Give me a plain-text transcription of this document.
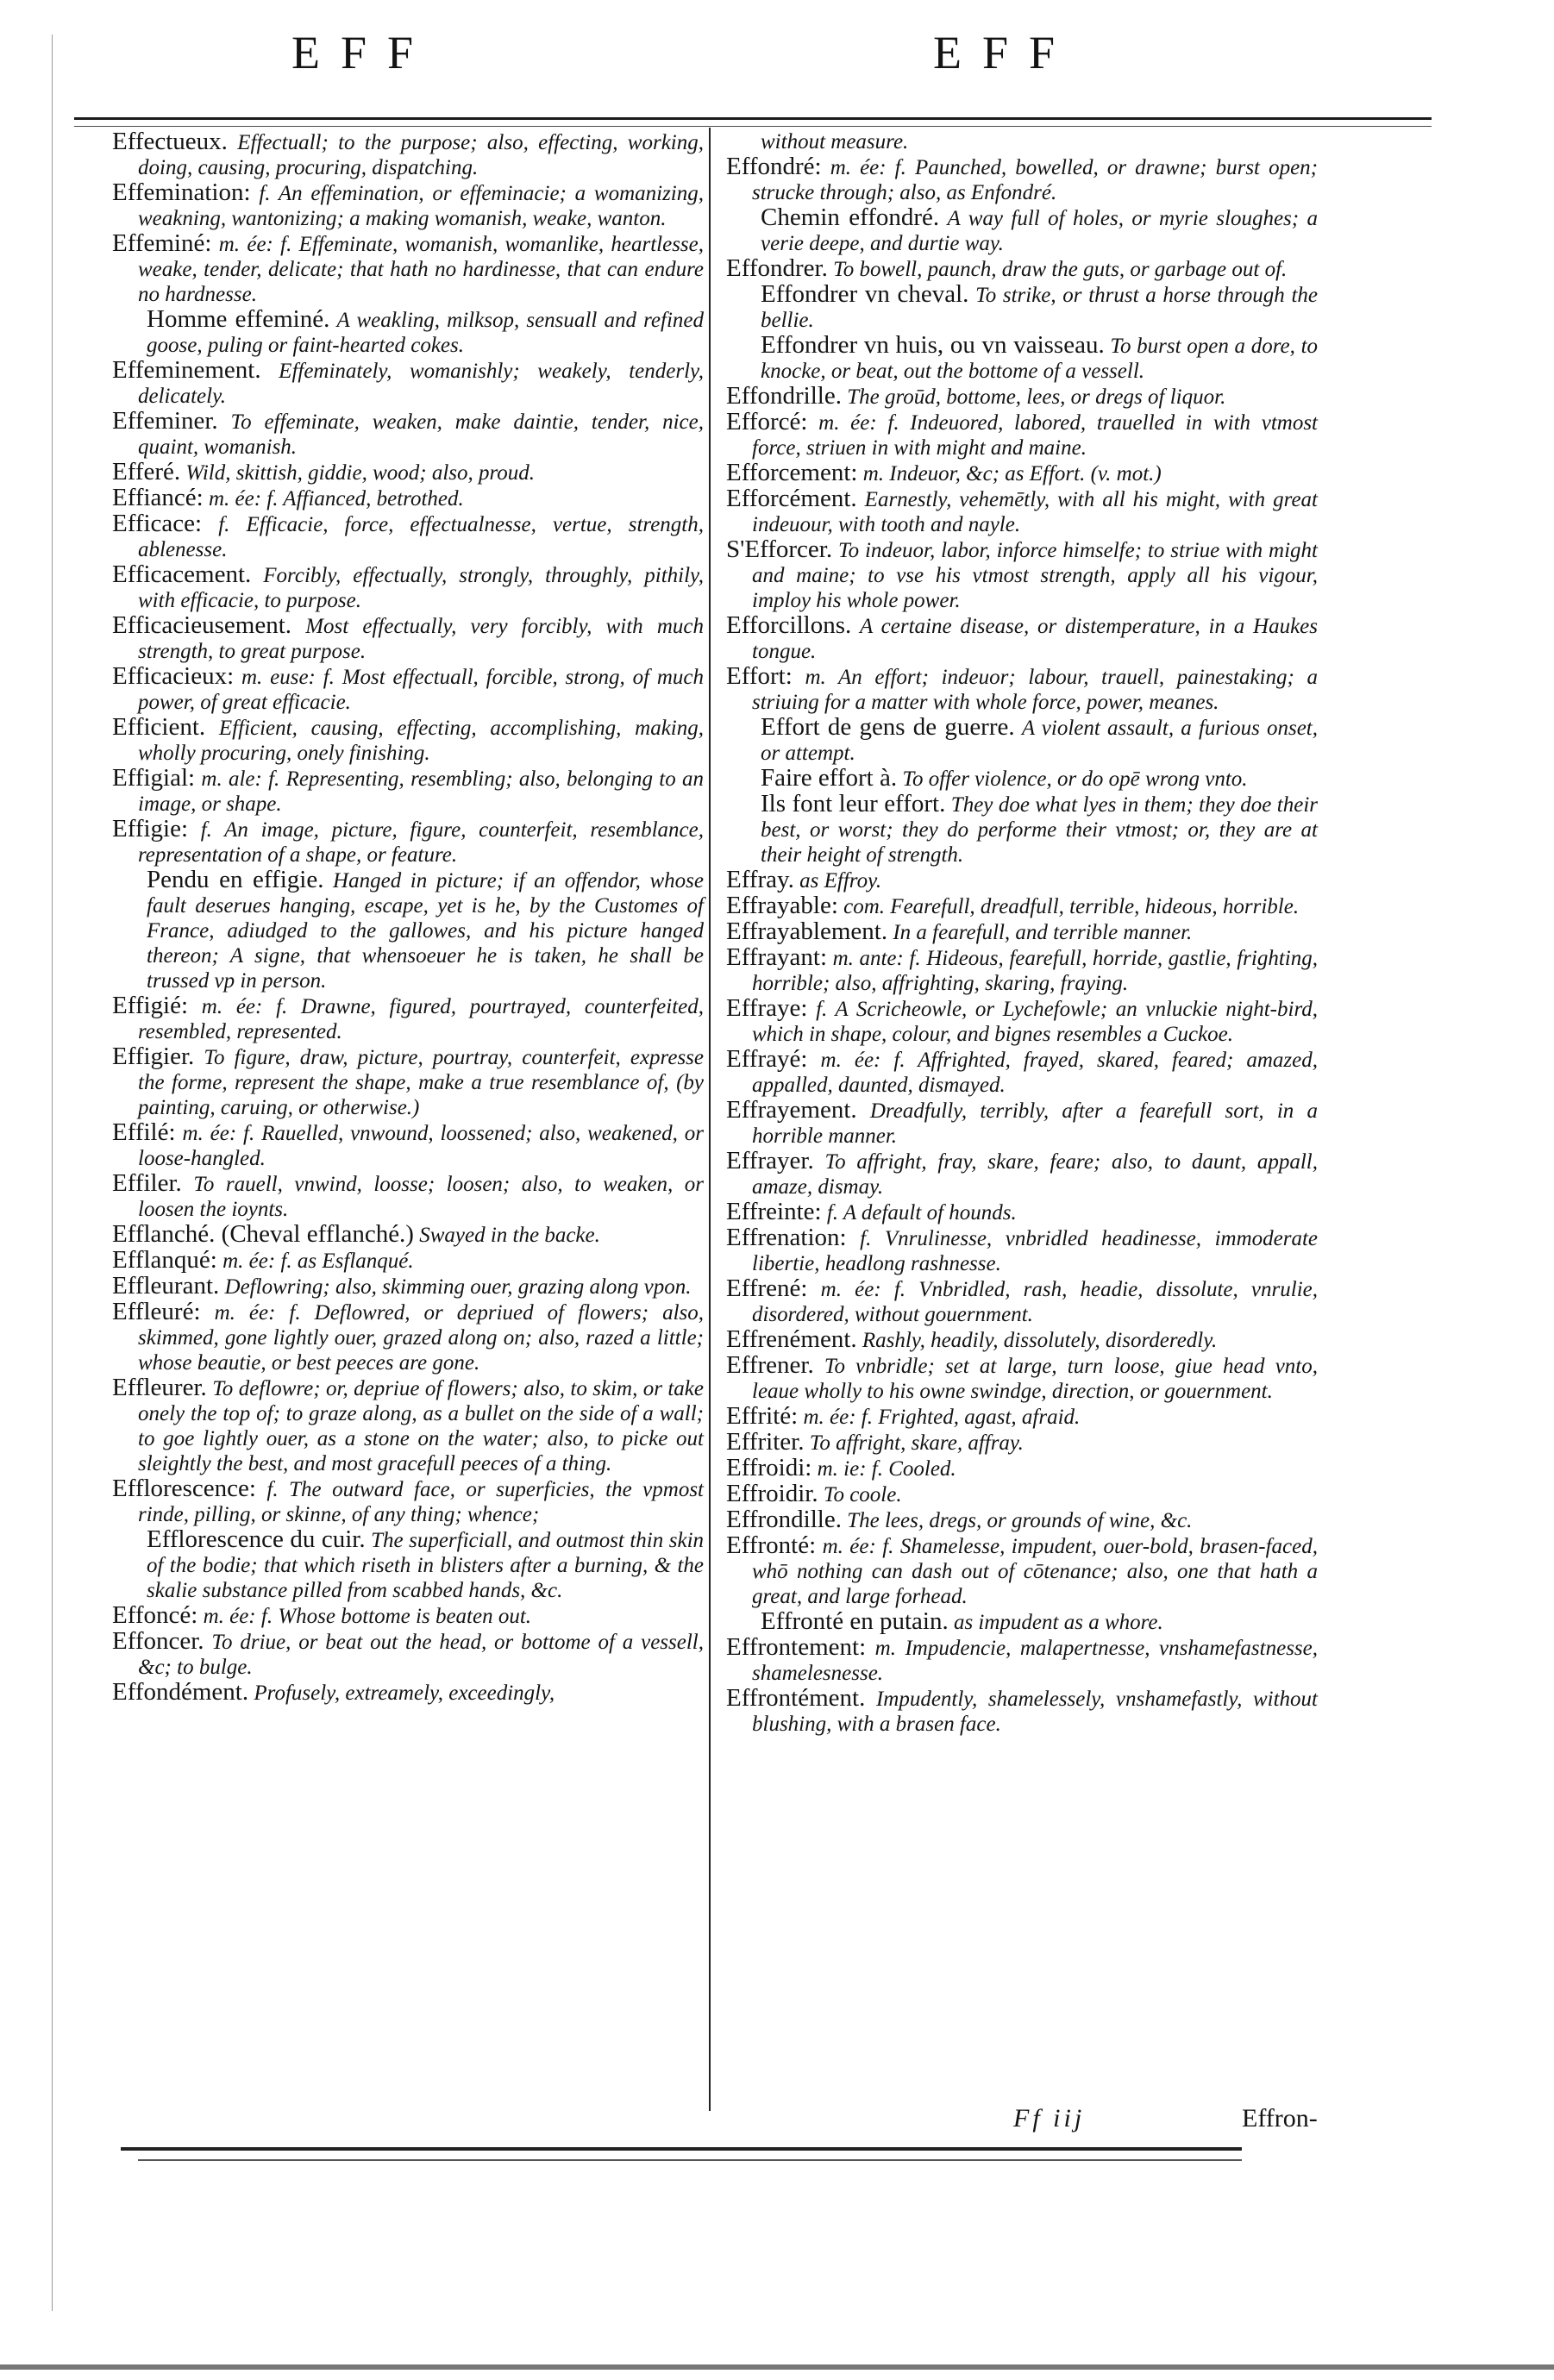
EFF	EFF

Effectueux. Effectuall; to the purpose; also, effecting, working, doing, causing, procuring, dispatching.

Effemination: f. An effemination, or effeminacie; a womanizing, weakning, wantonizing; a making womanish, weake, wanton.

Effeminé: m. ée: f. Effeminate, womanish, womanlike, heartlesse, weake, tender, delicate; that hath no hardinesse, that can endure no hardnesse.

Homme effeminé. A weakling, milksop, sensuall and refined goose, puling or faint-hearted cokes.

Effeminement. Effeminately, womanishly; weakely, tenderly, delicately.

Effeminer. To effeminate, weaken, make daintie, tender, nice, quaint, womanish.

Efferé. Wild, skittish, giddie, wood; also, proud.

Effiancé: m. ée: f. Affianced, betrothed.

Efficace: f. Efficacie, force, effectualnesse, vertue, strength, ablenesse.

Efficacement. Forcibly, effectually, strongly, throughly, pithily, with efficacie, to purpose.

Efficacieusement. Most effectually, very forcibly, with much strength, to great purpose.

Efficacieux: m. euse: f. Most effectuall, forcible, strong, of much power, of great efficacie.

Efficient. Efficient, causing, effecting, accomplishing, making, wholly procuring, onely finishing.

Effigial: m. ale: f. Representing, resembling; also, belonging to an image, or shape.

Effigie: f. An image, picture, figure, counterfeit, resemblance, representation of a shape, or feature.

Pendu en effigie. Hanged in picture; if an offendor, whose fault deserues hanging, escape, yet is he, by the Customes of France, adiudged to the gallowes, and his picture hanged thereon; A signe, that whensoeuer he is taken, he shall be trussed vp in person.

Effigié: m. ée: f. Drawne, figured, pourtrayed, counterfeited, resembled, represented.

Effigier. To figure, draw, picture, pourtray, counterfeit, expresse the forme, represent the shape, make a true resemblance of, (by painting, caruing, or otherwise.)

Effilé: m. ée: f. Rauelled, vnwound, loossened; also, weakened, or loose-hangled.

Effiler. To rauell, vnwind, loosse; loosen; also, to weaken, or loosen the ioynts.

Efflanché. (Cheval efflanché.) Swayed in the backe.

Efflanqué: m. ée: f. as Esflanqué.

Effleurant. Deflowring; also, skimming ouer, grazing along vpon.

Effleuré: m. ée: f. Deflowred, or depriued of flowers; also, skimmed, gone lightly ouer, grazed along on; also, razed a little; whose beautie, or best peeces are gone.

Effleurer. To deflowre; or, depriue of flowers; also, to skim, or take onely the top of; to graze along, as a bullet on the side of a wall; to goe lightly ouer, as a stone on the water; also, to picke out sleightly the best, and most gracefull peeces of a thing.

Efflorescence: f. The outward face, or superficies, the vpmost rinde, pilling, or skinne, of any thing; whence;

Efflorescence du cuir. The superficiall, and outmost thin skin of the bodie; that which riseth in blisters after a burning, & the skalie substance pilled from scabbed hands, &c.

Effoncé: m. ée: f. Whose bottome is beaten out.

Effoncer. To driue, or beat out the head, or bottome of a vessell, &c; to bulge.

Effondément. Profusely, extreamely, exceedingly,

without measure.

Effondré: m. ée: f. Paunched, bowelled, or drawne; burst open; strucke through; also, as Enfondré.

Chemin effondré. A way full of holes, or myrie sloughes; a verie deepe, and durtie way.

Effondrer. To bowell, paunch, draw the guts, or garbage out of.

Effondrer vn cheval. To strike, or thrust a horse through the bellie.

Effondrer vn huis, ou vn vaisseau. To burst open a dore, to knocke, or beat, out the bottome of a vessell.

Effondrille. The groūd, bottome, lees, or dregs of liquor.

Efforcé: m. ée: f. Indeuored, labored, trauelled in with vtmost force, striuen in with might and maine.

Efforcement: m. Indeuor, &c; as Effort. (v. mot.)

Efforcément. Earnestly, vehemētly, with all his might, with great indeuour, with tooth and nayle.

S'Efforcer. To indeuor, labor, inforce himselfe; to striue with might and maine; to vse his vtmost strength, apply all his vigour, imploy his whole power.

Efforcillons. A certaine disease, or distemperature, in a Haukes tongue.

Effort: m. An effort; indeuor; labour, trauell, painestaking; a striuing for a matter with whole force, power, meanes.

Effort de gens de guerre. A violent assault, a furious onset, or attempt.

Faire effort à. To offer violence, or do opē wrong vnto.

Ils font leur effort. They doe what lyes in them; they doe their best, or worst; they do performe their vtmost; or, they are at their height of strength.

Effray. as Effroy.

Effrayable: com. Fearefull, dreadfull, terrible, hideous, horrible.

Effrayablement. In a fearefull, and terrible manner.

Effrayant: m. ante: f. Hideous, fearefull, horride, gastlie, frighting, horrible; also, affrighting, skaring, fraying.

Effraye: f. A Scricheowle, or Lychefowle; an vnluckie night-bird, which in shape, colour, and bignes resembles a Cuckoe.

Effrayé: m. ée: f. Affrighted, frayed, skared, feared; amazed, appalled, daunted, dismayed.

Effrayement. Dreadfully, terribly, after a fearefull sort, in a horrible manner.

Effrayer. To affright, fray, skare, feare; also, to daunt, appall, amaze, dismay.

Effreinte: f. A default of hounds.

Effrenation: f. Vnrulinesse, vnbridled headinesse, immoderate libertie, headlong rashnesse.

Effrené: m. ée: f. Vnbridled, rash, headie, dissolute, vnrulie, disordered, without gouernment.

Effrenément. Rashly, headily, dissolutely, disorderedly.

Effrener. To vnbridle; set at large, turn loose, giue head vnto, leaue wholly to his owne swindge, direction, or gouernment.

Effrité: m. ée: f. Frighted, agast, afraid.

Effriter. To affright, skare, affray.

Effroidi: m. ie: f. Cooled.

Effroidir. To coole.

Effrondille. The lees, dregs, or grounds of wine, &c.

Effronté: m. ée: f. Shamelesse, impudent, ouer-bold, brasen-faced, whō nothing can dash out of cōtenance; also, one that hath a great, and large forhead.

Effronté en putain. as impudent as a whore.

Effrontement: m. Impudencie, malapertnesse, vnshamefastnesse, shamelesnesse.

Effrontément. Impudently, shamelessely, vnshamefastly, without blushing, with a brasen face.

Ff iij	Effron-
